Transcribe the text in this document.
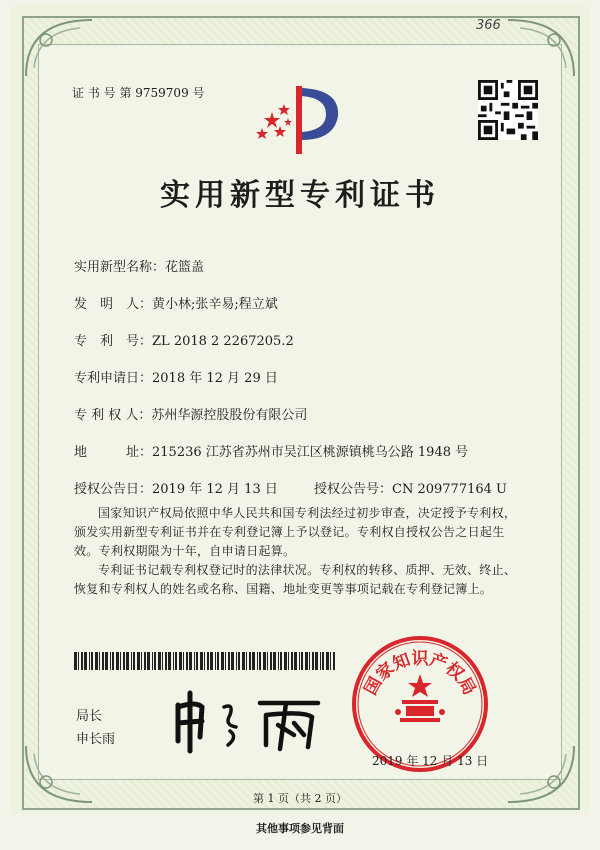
366
证 书 号 第 9759709 号
实用新型专利证书
实用新型名称：花篮盖
发　明　人：黄小林;张辛易;程立斌
专　利　号：ZL 2018 2 2267205.2
专利申请日：2018 年 12 月 29 日
专 利 权 人：苏州华源控股股份有限公司
地　　　址：215236 江苏省苏州市吴江区桃源镇桃乌公路 1948 号
授权公告日：2019 年 12 月 13 日	授权公告号：CN 209777164 U
国家知识产权局依照中华人民共和国专利法经过初步审查，决定授予专利权，颁发实用新型专利证书并在专利登记簿上予以登记。专利权自授权公告之日起生效。专利权期限为十年，自申请日起算。
专利证书记载专利权登记时的法律状况。专利权的转移、质押、无效、终止、恢复和专利权人的姓名或名称、国籍、地址变更等事项记载在专利登记簿上。
局长
申长雨
国家知识产权局
2019 年 12 月 13 日
第 1 页（共 2 页）
其他事项参见背面
